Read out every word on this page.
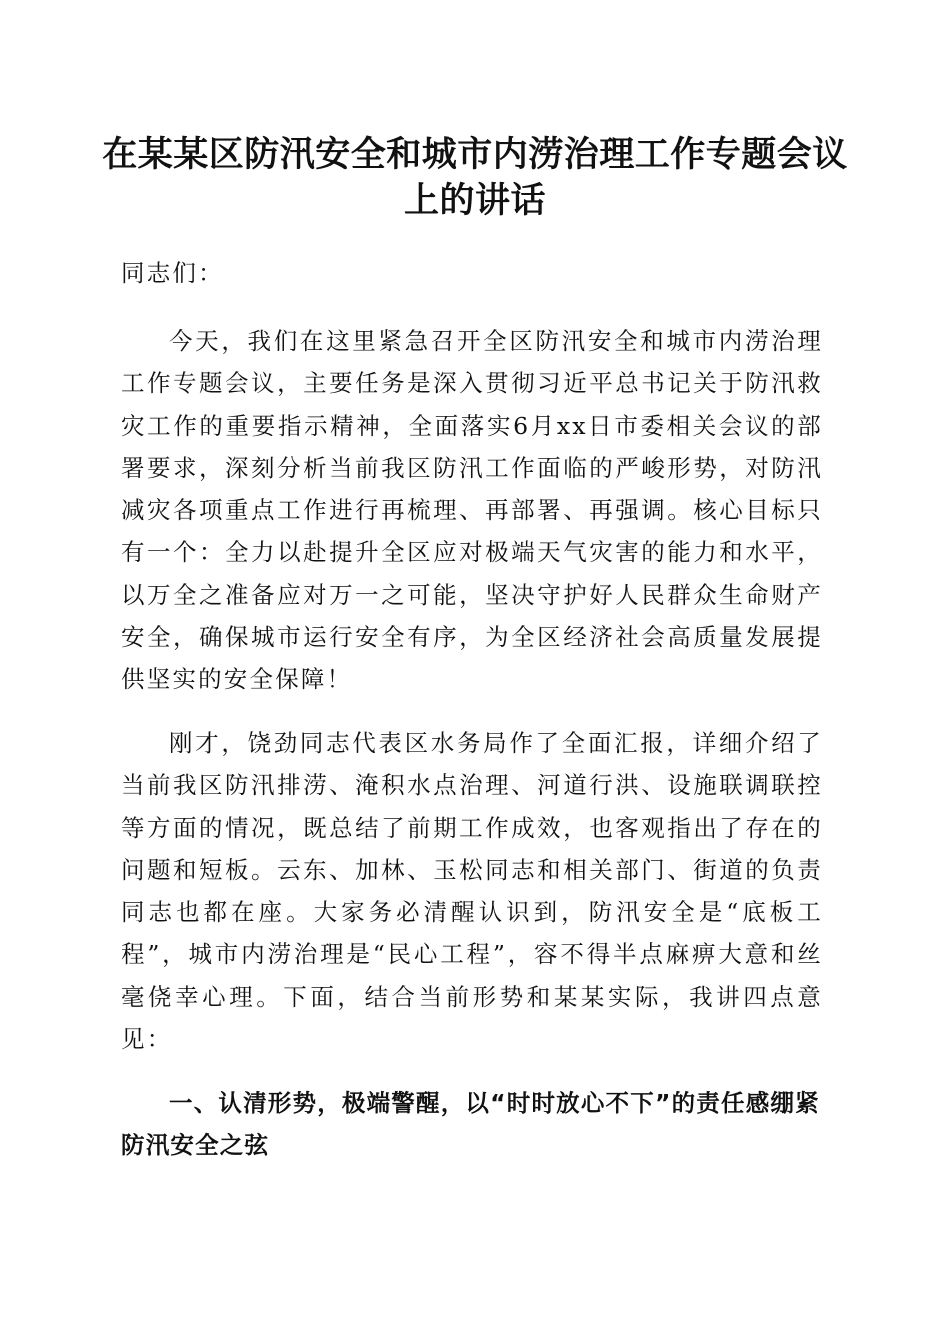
在某某区防汛安全和城市内涝治理工作专题会议上的讲话

同志们：

今天，我们在这里紧急召开全区防汛安全和城市内涝治理工作专题会议，主要任务是深入贯彻习近平总书记关于防汛救灾工作的重要指示精神，全面落实6月xx日市委相关会议的部署要求，深刻分析当前我区防汛工作面临的严峻形势，对防汛减灾各项重点工作进行再梳理、再部署、再强调。核心目标只有一个：全力以赴提升全区应对极端天气灾害的能力和水平，以万全之准备应对万一之可能，坚决守护好人民群众生命财产安全，确保城市运行安全有序，为全区经济社会高质量发展提供坚实的安全保障！

刚才，饶劲同志代表区水务局作了全面汇报，详细介绍了当前我区防汛排涝、淹积水点治理、河道行洪、设施联调联控等方面的情况，既总结了前期工作成效，也客观指出了存在的问题和短板。云东、加林、玉松同志和相关部门、街道的负责同志也都在座。大家务必清醒认识到，防汛安全是“底板工程”，城市内涝治理是“民心工程”，容不得半点麻痹大意和丝毫侥幸心理。下面，结合当前形势和某某实际，我讲四点意见：

一、认清形势，极端警醒，以“时时放心不下”的责任感绷紧防汛安全之弦
